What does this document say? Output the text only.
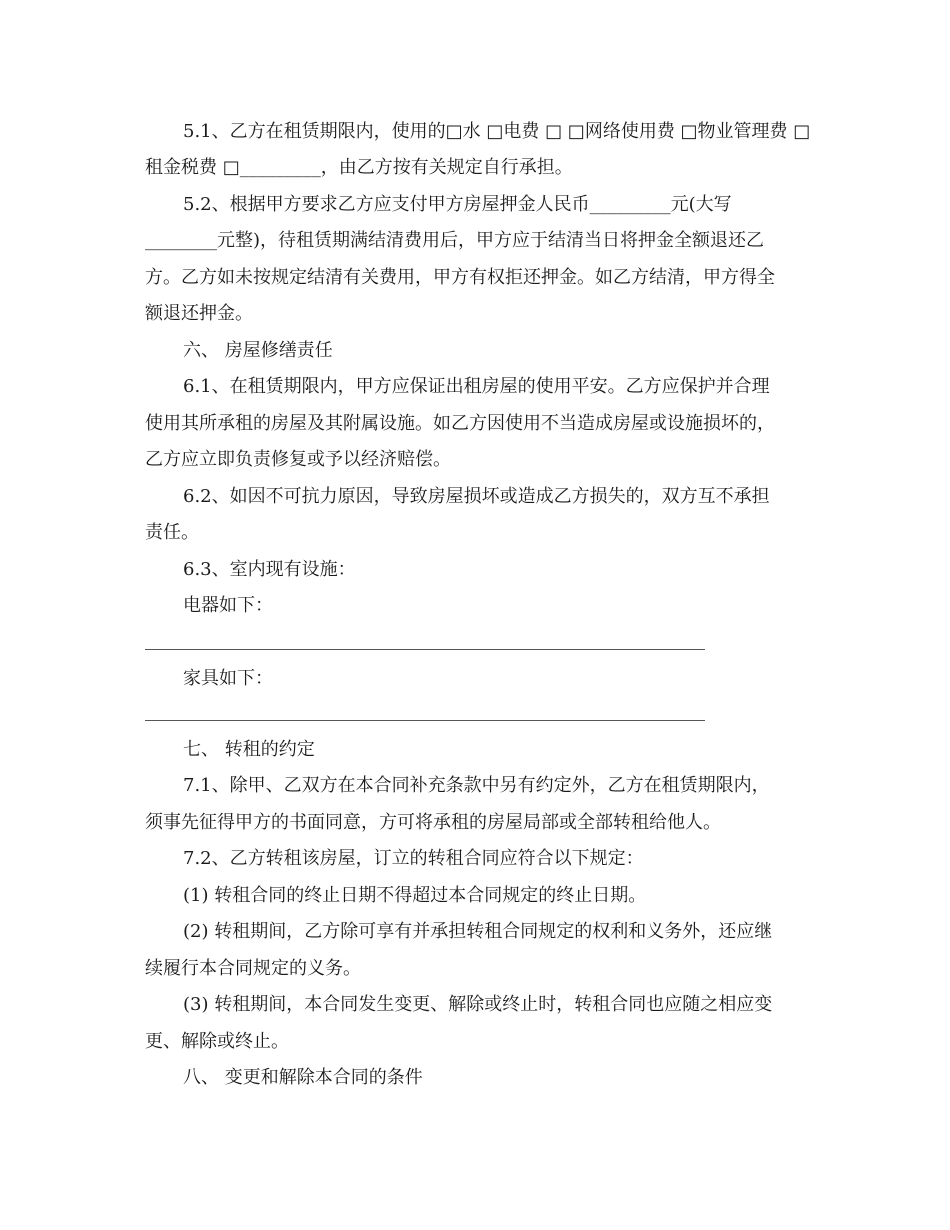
5.1、乙方在租赁期限内，使用的□水 □电费 □ □网络使用费 □物业管理费 □
租金税费 □_________，由乙方按有关规定自行承担。
5.2、根据甲方要求乙方应支付甲方房屋押金人民币_________元(大写
________元整)，待租赁期满结清费用后，甲方应于结清当日将押金全额退还乙
方。乙方如未按规定结清有关费用，甲方有权拒还押金。如乙方结清，甲方得全
额退还押金。
六、 房屋修缮责任
6.1、在租赁期限内，甲方应保证出租房屋的使用平安。乙方应保护并合理
使用其所承租的房屋及其附属设施。如乙方因使用不当造成房屋或设施损坏的，
乙方应立即负责修复或予以经济赔偿。
6.2、如因不可抗力原因，导致房屋损坏或造成乙方损失的，双方互不承担
责任。
6.3、室内现有设施：
电器如下：
家具如下：
七、 转租的约定
7.1、除甲、乙双方在本合同补充条款中另有约定外，乙方在租赁期限内，
须事先征得甲方的书面同意，方可将承租的房屋局部或全部转租给他人。
7.2、乙方转租该房屋，订立的转租合同应符合以下规定：
(1) 转租合同的终止日期不得超过本合同规定的终止日期。
(2) 转租期间，乙方除可享有并承担转租合同规定的权利和义务外，还应继
续履行本合同规定的义务。
(3) 转租期间，本合同发生变更、解除或终止时，转租合同也应随之相应变
更、解除或终止。
八、 变更和解除本合同的条件
